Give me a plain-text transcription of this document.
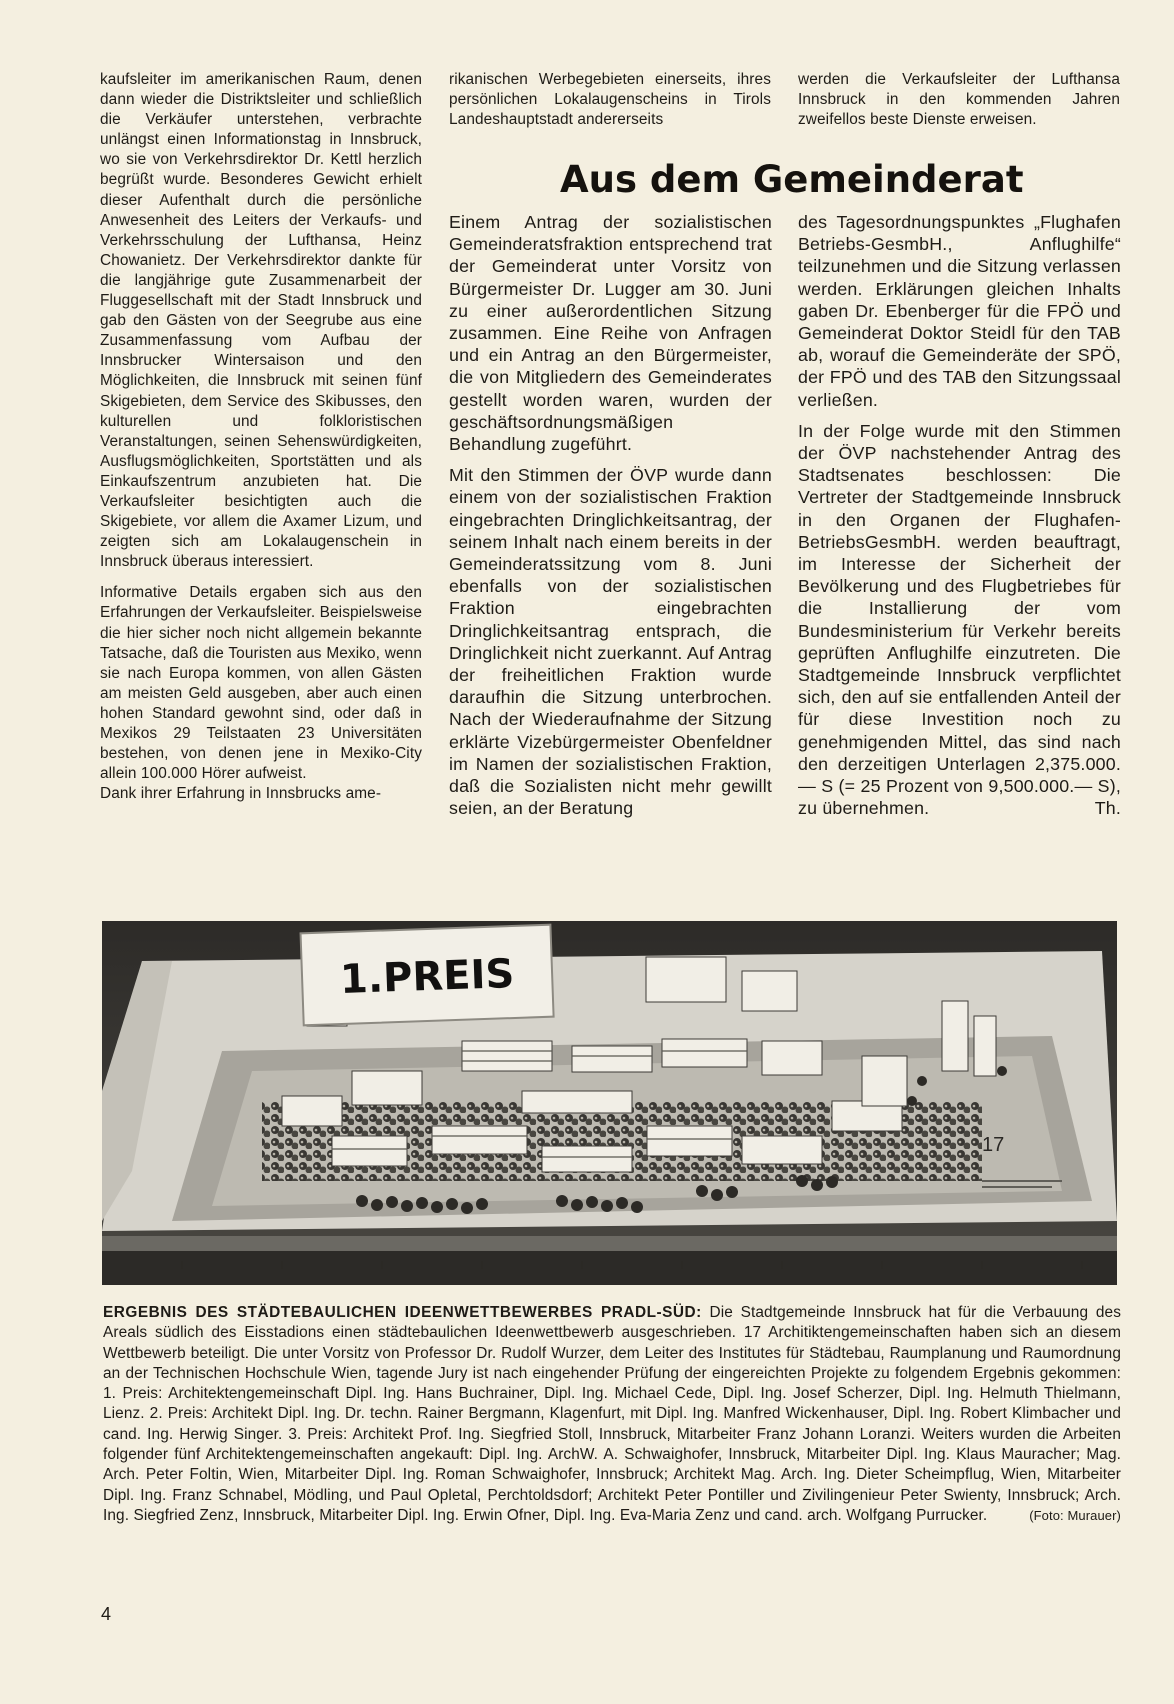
kaufsleiter im amerikanischen Raum, denen dann wieder die Distriktsleiter und schließlich die Verkäufer unterstehen, verbrachte unlängst einen Informationstag in Innsbruck, wo sie von Verkehrsdirektor Dr. Kettl herzlich begrüßt wurde. Besonderes Gewicht erhielt dieser Aufenthalt durch die persönliche Anwesenheit des Leiters der Verkaufs- und Verkehrsschulung der Lufthansa, Heinz Chowanietz. Der Verkehrsdirektor dankte für die langjährige gute Zusammenarbeit der Fluggesellschaft mit der Stadt Innsbruck und gab den Gästen von der Seegrube aus eine Zusammenfassung vom Aufbau der Innsbrucker Wintersaison und den Möglichkeiten, die Innsbruck mit seinen fünf Skigebieten, dem Service des Skibusses, den kulturellen und folkloristischen Veranstaltungen, seinen Sehenswürdigkeiten, Ausflugsmöglichkeiten, Sportstätten und als Einkaufszentrum anzubieten hat. Die Verkaufsleiter besichtigten auch die Skigebiete, vor allem die Axamer Lizum, und zeigten sich am Lokalaugenschein in Innsbruck überaus interessiert.

Informative Details ergaben sich aus den Erfahrungen der Verkaufsleiter. Beispielsweise die hier sicher noch nicht allgemein bekannte Tatsache, daß die Touristen aus Mexiko, wenn sie nach Europa kommen, von allen Gästen am meisten Geld ausgeben, aber auch einen hohen Standard gewohnt sind, oder daß in Mexikos 29 Teilstaaten 23 Universitäten bestehen, von denen jene in Mexiko-City allein 100.000 Hörer aufweist.

Dank ihrer Erfahrung in Innsbrucks ame-

rikanischen Werbegebieten einerseits, ihres persönlichen Lokalaugenscheins in Tirols Landeshauptstadt andererseits

werden die Verkaufsleiter der Lufthansa Innsbruck in den kommenden Jahren zweifellos beste Dienste erweisen.

Aus dem Gemeinderat

Einem Antrag der sozialistischen Gemeinderatsfraktion entsprechend trat der Gemeinderat unter Vorsitz von Bürgermeister Dr. Lugger am 30. Juni zu einer außerordentlichen Sitzung zusammen. Eine Reihe von Anfragen und ein Antrag an den Bürgermeister, die von Mitgliedern des Gemeinderates gestellt worden waren, wurden der geschäftsordnungsmäßigen Behandlung zugeführt.

Mit den Stimmen der ÖVP wurde dann einem von der sozialistischen Fraktion eingebrachten Dringlichkeitsantrag, der seinem Inhalt nach einem bereits in der Gemeinderatssitzung vom 8. Juni ebenfalls von der sozialistischen Fraktion eingebrachten Dringlichkeitsantrag entsprach, die Dringlichkeit nicht zuerkannt. Auf Antrag der freiheitlichen Fraktion wurde daraufhin die Sitzung unterbrochen. Nach der Wiederaufnahme der Sitzung erklärte Vizebürgermeister Obenfeldner im Namen der sozialistischen Fraktion, daß die Sozialisten nicht mehr gewillt seien, an der Beratung

des Tagesordnungspunktes „Flughafen Betriebs-GesmbH., Anflughilfe“ teilzunehmen und die Sitzung verlassen werden. Erklärungen gleichen Inhalts gaben Dr. Ebenberger für die FPÖ und Gemeinderat Doktor Steidl für den TAB ab, worauf die Gemeinderäte der SPÖ, der FPÖ und des TAB den Sitzungssaal verließen.

In der Folge wurde mit den Stimmen der ÖVP nachstehender Antrag des Stadtsenates beschlossen: Die Vertreter der Stadtgemeinde Innsbruck in den Organen der Flughafen-BetriebsGesmbH. werden beauftragt, im Interesse der Sicherheit der Bevölkerung und des Flugbetriebes für die Installierung der vom Bundesministerium für Verkehr bereits geprüften Anflughilfe einzutreten. Die Stadtgemeinde Innsbruck verpflichtet sich, den auf sie entfallenden Anteil der für diese Investition noch zu genehmigenden Mittel, das sind nach den derzeitigen Unterlagen 2,375.000.— S (= 25 Prozent von 9,500.000.— S), zu übernehmen.	Th.

1.PREIS
17
ERGEBNIS DES STÄDTEBAULICHEN IDEENWETTBEWERBES PRADL-SÜD: Die Stadtgemeinde Innsbruck hat für die Verbauung des Areals südlich des Eisstadions einen städtebaulichen Ideenwettbewerb ausgeschrieben. 17 Architiktengemeinschaften haben sich an diesem Wettbewerb beteiligt. Die unter Vorsitz von Professor Dr. Rudolf Wurzer, dem Leiter des Institutes für Städtebau, Raumplanung und Raumordnung an der Technischen Hochschule Wien, tagende Jury ist nach eingehender Prüfung der eingereichten Projekte zu folgendem Ergebnis gekommen: 1. Preis: Architektengemeinschaft Dipl. Ing. Hans Buchrainer, Dipl. Ing. Michael Cede, Dipl. Ing. Josef Scherzer, Dipl. Ing. Helmuth Thielmann, Lienz. 2. Preis: Architekt Dipl. Ing. Dr. techn. Rainer Bergmann, Klagenfurt, mit Dipl. Ing. Manfred Wickenhauser, Dipl. Ing. Robert Klimbacher und cand. Ing. Herwig Singer. 3. Preis: Architekt Prof. Ing. Siegfried Stoll, Innsbruck, Mitarbeiter Franz Johann Loranzi. Weiters wurden die Arbeiten folgender fünf Architektengemeinschaften angekauft: Dipl. Ing. ArchW. A. Schwaighofer, Innsbruck, Mitarbeiter Dipl. Ing. Klaus Mauracher; Mag. Arch. Peter Foltin, Wien, Mitarbeiter Dipl. Ing. Roman Schwaighofer, Innsbruck; Architekt Mag. Arch. Ing. Dieter Scheimpflug, Wien, Mitarbeiter Dipl. Ing. Franz Schnabel, Mödling, und Paul Opletal, Perchtoldsdorf; Architekt Peter Pontiller und Zivilingenieur Peter Swienty, Innsbruck; Arch. Ing. Siegfried Zenz, Innsbruck, Mitarbeiter Dipl. Ing. Erwin Ofner, Dipl. Ing. Eva-Maria Zenz und cand. arch. Wolfgang Purrucker.	(Foto: Murauer)
4
